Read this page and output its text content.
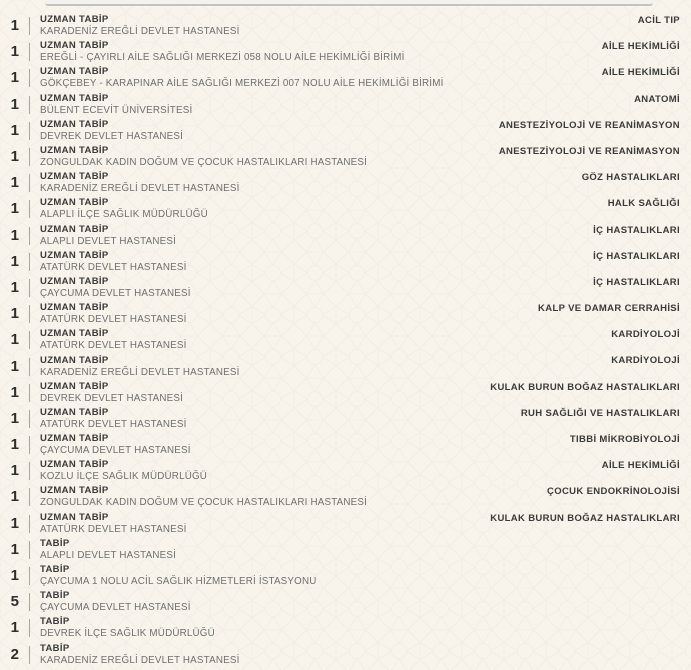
1 UZMAN TABİP
KARADENİZ EREĞLİ DEVLET HASTANESİ
ACİL TIP
1 UZMAN TABİP
EREĞLİ - ÇAYIRLI AİLE SAĞLIĞI MERKEZİ 058 NOLU AİLE HEKİMLİĞİ BİRİMİ
AİLE HEKİMLİĞİ
1 UZMAN TABİP
GÖKÇEBEY - KARAPINAR AİLE SAĞLIĞI MERKEZİ 007 NOLU AİLE HEKİMLİĞİ BİRİMİ
AİLE HEKİMLİĞİ
1 UZMAN TABİP
BÜLENT ECEVİT ÜNİVERSİTESİ
ANATOMİ
1 UZMAN TABİP
DEVREK DEVLET HASTANESİ
ANESTEZİYOLOJİ VE REANİMASYON
1 UZMAN TABİP
ZONGULDAK KADIN DOĞUM VE ÇOCUK HASTALIKLARI HASTANESİ
ANESTEZİYOLOJİ VE REANİMASYON
1 UZMAN TABİP
KARADENİZ EREĞLİ DEVLET HASTANESİ
GÖZ HASTALIKLARI
1 UZMAN TABİP
ALAPLI İLÇE SAĞLIK MÜDÜRLÜĞÜ
HALK SAĞLIĞI
1 UZMAN TABİP
ALAPLI DEVLET HASTANESİ
İÇ HASTALIKLARI
1 UZMAN TABİP
ATATÜRK DEVLET HASTANESİ
İÇ HASTALIKLARI
1 UZMAN TABİP
ÇAYCUMA DEVLET HASTANESİ
İÇ HASTALIKLARI
1 UZMAN TABİP
ATATÜRK DEVLET HASTANESİ
KALP VE DAMAR CERRAHİSİ
1 UZMAN TABİP
ATATÜRK DEVLET HASTANESİ
KARDİYOLOJİ
1 UZMAN TABİP
KARADENİZ EREĞLİ DEVLET HASTANESİ
KARDİYOLOJİ
1 UZMAN TABİP
DEVREK DEVLET HASTANESİ
KULAK BURUN BOĞAZ HASTALIKLARI
1 UZMAN TABİP
ATATÜRK DEVLET HASTANESİ
RUH SAĞLIĞI VE HASTALIKLARI
1 UZMAN TABİP
ÇAYCUMA DEVLET HASTANESİ
TIBBİ MİKROBİYOLOJİ
1 UZMAN TABİP
KOZLU İLÇE SAĞLIK MÜDÜRLÜĞÜ
AİLE HEKİMLİĞİ
1 UZMAN TABİP
ZONGULDAK KADIN DOĞUM VE ÇOCUK HASTALIKLARI HASTANESİ
ÇOCUK ENDOKRİNOLOJİSİ
1 UZMAN TABİP
ATATÜRK DEVLET HASTANESİ
KULAK BURUN BOĞAZ HASTALIKLARI
1 TABİP
ALAPLI DEVLET HASTANESİ
1 TABİP
ÇAYCUMA 1 NOLU ACİL SAĞLIK HİZMETLERİ İSTASYONU
5 TABİP
ÇAYCUMA DEVLET HASTANESİ
1 TABİP
DEVREK İLÇE SAĞLIK MÜDÜRLÜĞÜ
2 TABİP
KARADENİZ EREĞLİ DEVLET HASTANESİ
